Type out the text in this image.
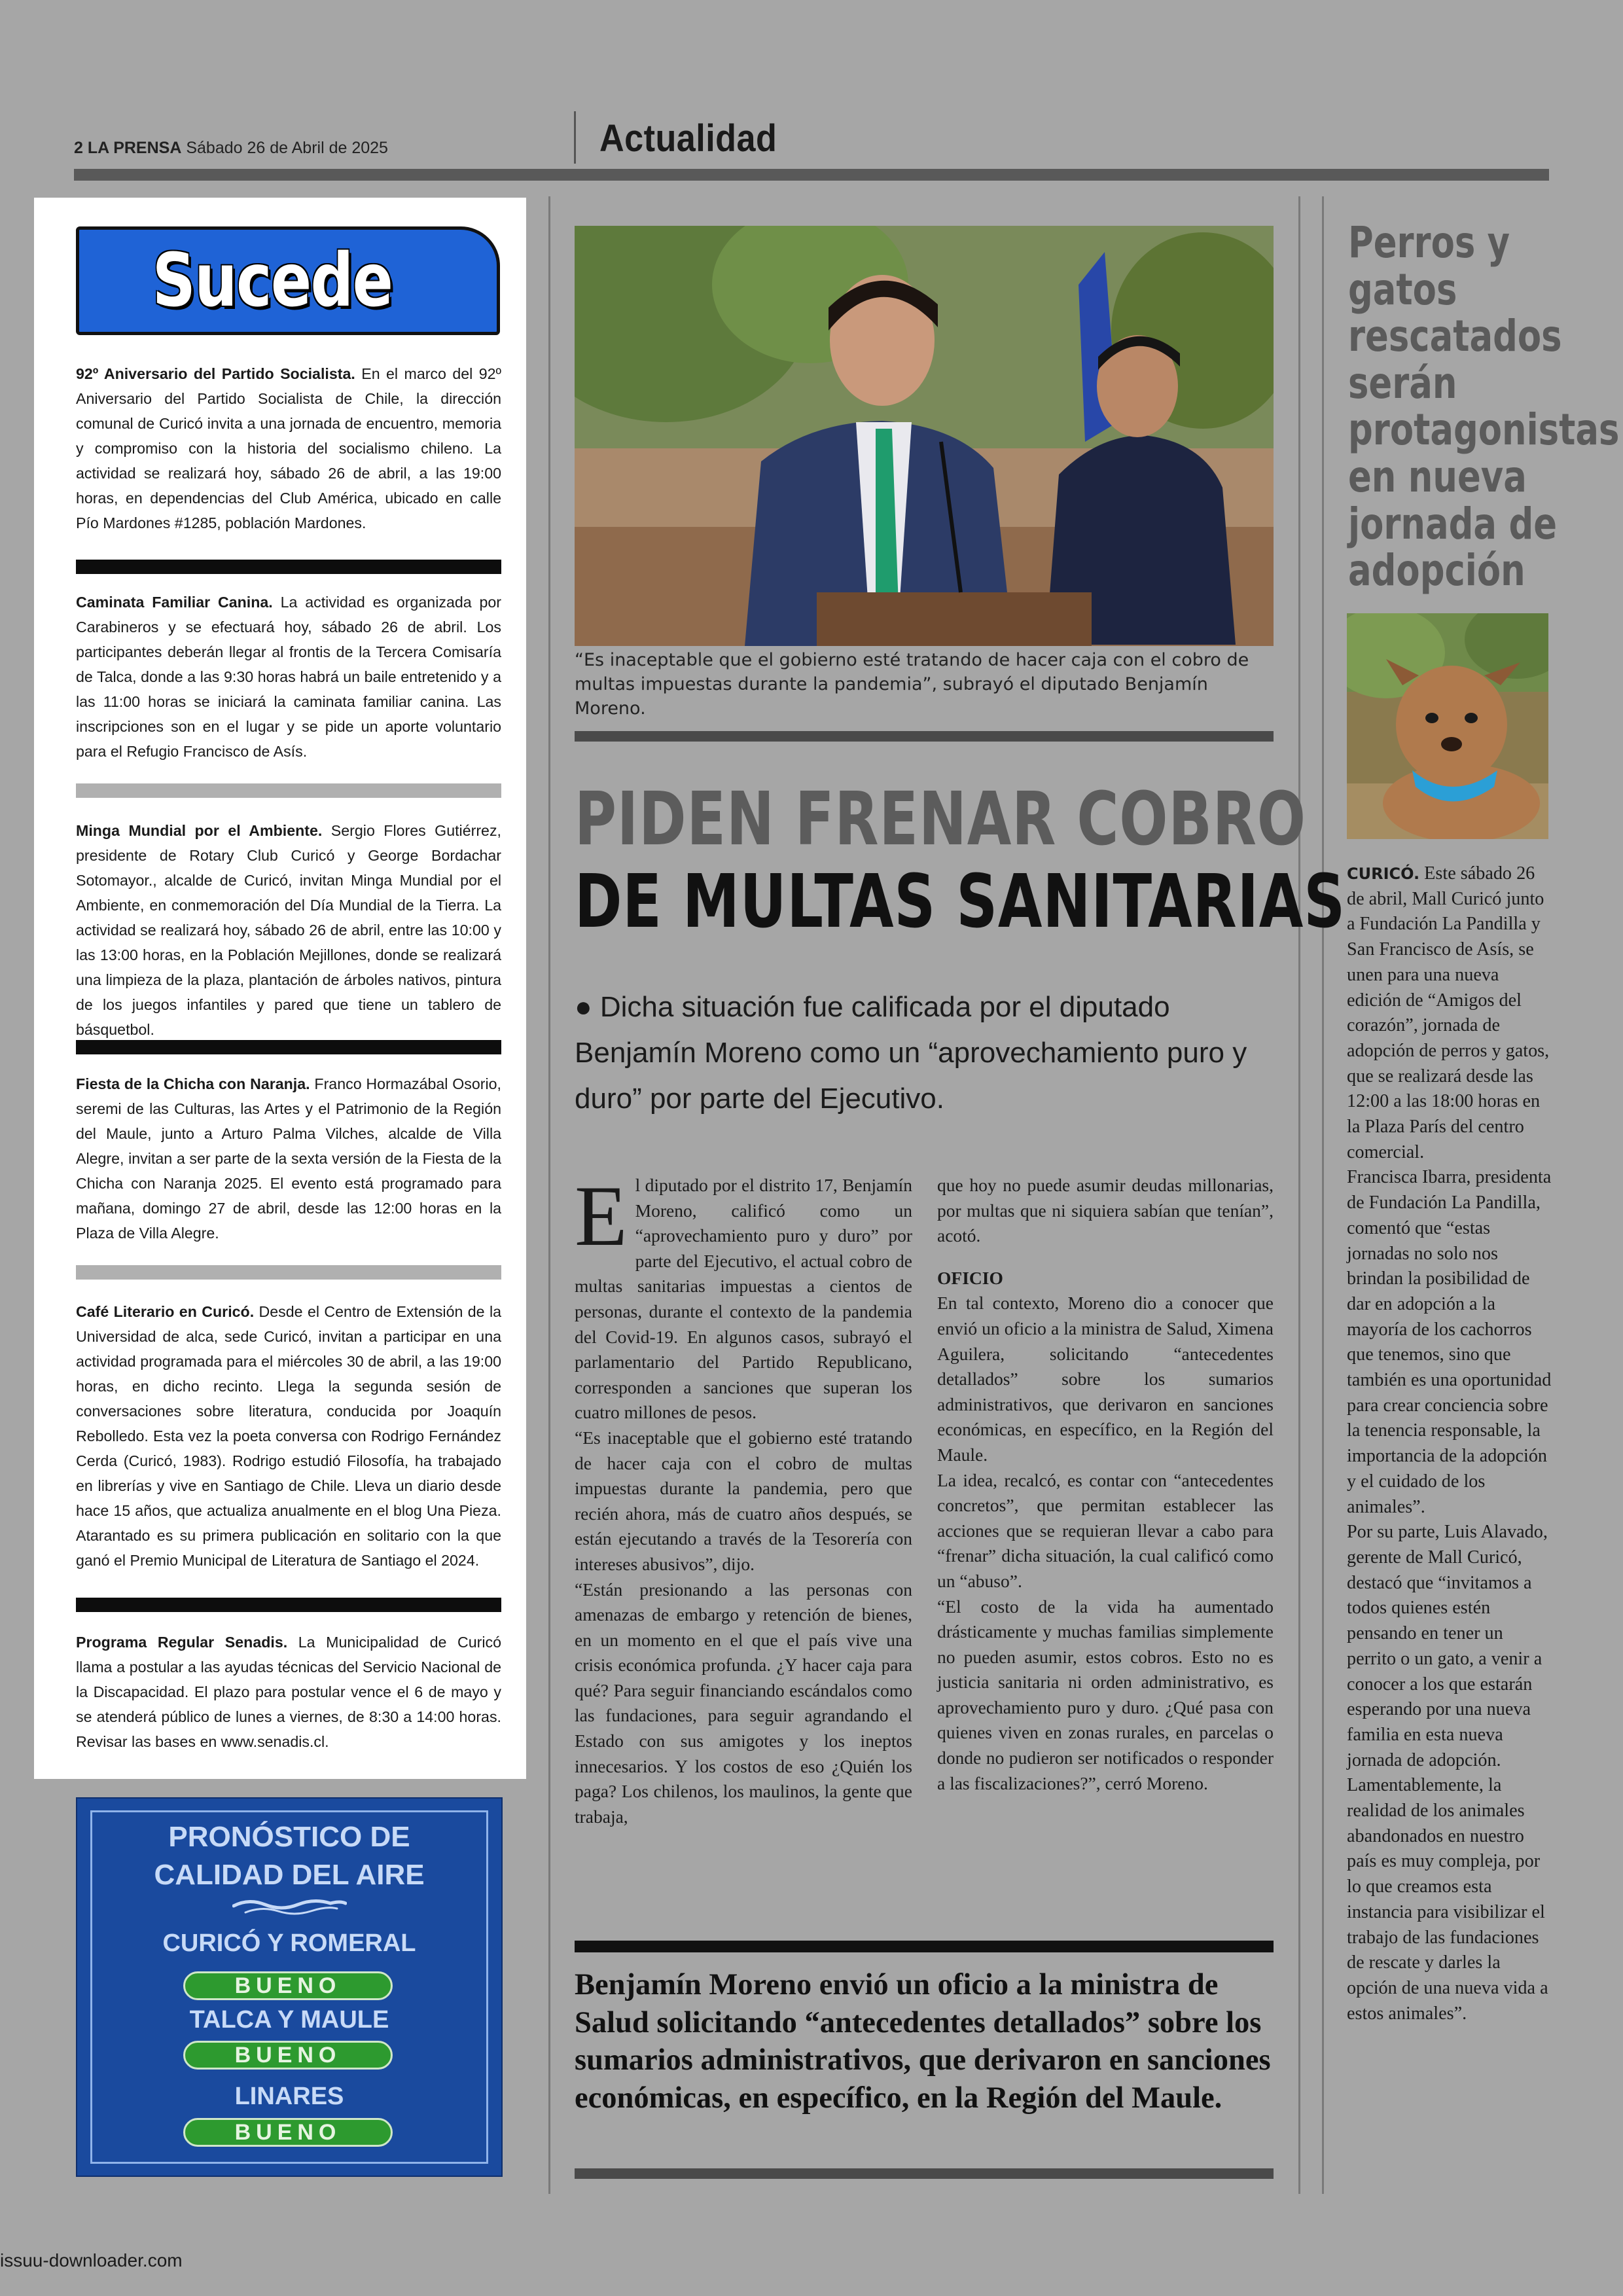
2 LA PRENSA Sábado 26 de Abril de 2025	Actualidad
Sucede
92º Aniversario del Partido Socialista. En el marco del 92º Aniversario del Partido Socialista de Chile, la dirección comunal de Curicó invita a una jornada de encuentro, memoria y compromiso con la historia del socialismo chileno. La actividad se realizará hoy, sábado 26 de abril, a las 19:00 horas, en dependencias del Club América, ubicado en calle Pío Mardones #1285, población Mardones.
Caminata Familiar Canina. La actividad es organizada por Carabineros y se efectuará hoy, sábado 26 de abril. Los participantes deberán llegar al frontis de la Tercera Comisaría de Talca, donde a las 9:30 horas habrá un baile entretenido y a las 11:00 horas se iniciará la caminata familiar canina. Las inscripciones son en el lugar y se pide un aporte voluntario para el Refugio Francisco de Asís.
Minga Mundial por el Ambiente. Sergio Flores Gutiérrez, presidente de Rotary Club Curicó y George Bordachar Sotomayor., alcalde de Curicó, invitan Minga Mundial por el Ambiente, en conmemoración del Día Mundial de la Tierra. La actividad se realizará hoy, sábado 26 de abril, entre las 10:00 y las 13:00 horas, en la Población Mejillones, donde se realizará una limpieza de la plaza, plantación de árboles nativos, pintura de los juegos infantiles y pared que tiene un tablero de básquetbol.
Fiesta de la Chicha con Naranja. Franco Hormazábal Osorio, seremi de las Culturas, las Artes y el Patrimonio de la Región del Maule, junto a Arturo Palma Vilches, alcalde de Villa Alegre, invitan a ser parte de la sexta versión de la Fiesta de la Chicha con Naranja 2025. El evento está programado para mañana, domingo 27 de abril, desde las 12:00 horas en la Plaza de Villa Alegre.
Café Literario en Curicó. Desde el Centro de Extensión de la Universidad de alca, sede Curicó, invitan a participar en una actividad programada para el miércoles 30 de abril, a las 19:00 horas, en dicho recinto. Llega la segunda sesión de conversaciones sobre literatura, conducida por Joaquín Rebolledo. Esta vez la poeta conversa con Rodrigo Fernández Cerda (Curicó, 1983). Rodrigo estudió Filosofía, ha trabajado en librerías y vive en Santiago de Chile. Lleva un diario desde hace 15 años, que actualiza anualmente en el blog Una Pieza. Atarantado es su primera publicación en solitario con la que ganó el Premio Municipal de Literatura de Santiago el 2024.
Programa Regular Senadis. La Municipalidad de Curicó llama a postular a las ayudas técnicas del Servicio Nacional de la Discapacidad. El plazo para postular vence el 6 de mayo y se atenderá público de lunes a viernes, de 8:30 a 14:00 horas. Revisar las bases en www.senadis.cl.
PRONÓSTICO DE
CALIDAD DEL AIRE
CURICÓ Y ROMERAL
BUENO
TALCA Y MAULE
BUENO
LINARES
BUENO
“Es inaceptable que el gobierno esté tratando de hacer caja con el cobro de multas impuestas durante la pandemia”, subrayó el diputado Benjamín Moreno.
PIDEN FRENAR COBRO
DE MULTAS SANITARIAS
● Dicha situación fue calificada por el diputado Benjamín Moreno como un “aprovechamiento puro y duro” por parte del Ejecutivo.

El diputado por el distrito 17, Benjamín Moreno, calificó como un “aprovechamiento puro y duro” por parte del Ejecutivo, el actual cobro de multas sanitarias impuestas a cientos de personas, durante el contexto de la pandemia del Covid-19. En algunos casos, subrayó el parlamentario del Partido Republicano, corresponden a sanciones que superan los cuatro millones de pesos.

“Es inaceptable que el gobierno esté tratando de hacer caja con el cobro de multas impuestas durante la pandemia, pero que recién ahora, más de cuatro años después, se están ejecutando a través de la Tesorería con intereses abusivos”, dijo.

“Están presionando a las personas con amenazas de embargo y retención de bienes, en un momento en el que el país vive una crisis económica profunda. ¿Y hacer caja para qué? Para seguir financiando escándalos como las fundaciones, para seguir agrandando el Estado con sus amigotes y los ineptos innecesarios. Y los costos de eso ¿Quién los paga? Los chilenos, los maulinos, la gente que trabaja,

que hoy no puede asumir deudas millonarias, por multas que ni siquiera sabían que tenían”, acotó.

OFICIO

En tal contexto, Moreno dio a conocer que envió un oficio a la ministra de Salud, Ximena Aguilera, solicitando “antecedentes detallados” sobre los sumarios administrativos, que derivaron en sanciones económicas, en específico, en la Región del Maule.

La idea, recalcó, es contar con “antecedentes concretos”, que permitan establecer las acciones que se requieran llevar a cabo para “frenar” dicha situación, la cual calificó como un “abuso”.

“El costo de la vida ha aumentado drásticamente y muchas familias simplemente no pueden asumir, estos cobros. Esto no es justicia sanitaria ni orden administrativo, es aprovechamiento puro y duro. ¿Qué pasa con quienes viven en zonas rurales, en parcelas o donde no pudieron ser notificados o responder a las fiscalizaciones?”, cerró Moreno.

Benjamín Moreno envió un oficio a la ministra de Salud solicitando “antecedentes detallados” sobre los sumarios administrativos, que derivaron en sanciones económicas, en específico, en la Región del Maule.
Perros y gatos rescatados serán protagonistas en nueva jornada de adopción

CURICÓ. Este sábado 26 de abril, Mall Curicó junto a Fundación La Pandilla y San Francisco de Asís, se unen para una nueva edición de “Amigos del corazón”, jornada de adopción de perros y gatos, que se realizará desde las 12:00 a las 18:00 horas en la Plaza París del centro comercial.

Francisca Ibarra, presidenta de Fundación La Pandilla, comentó que “estas jornadas no solo nos brindan la posibilidad de dar en adopción a la mayoría de los cachorros que tenemos, sino que también es una oportunidad para crear conciencia sobre la tenencia responsable, la importancia de la adopción y el cuidado de los animales”.

Por su parte, Luis Alavado, gerente de Mall Curicó, destacó que “invitamos a todos quienes estén pensando en tener un perrito o un gato, a venir a conocer a los que estarán esperando por una nueva familia en esta nueva jornada de adopción.

Lamentablemente, la realidad de los animales abandonados en nuestro país es muy compleja, por lo que creamos esta instancia para visibilizar el trabajo de las fundaciones de rescate y darles la opción de una nueva vida a estos animales”.

issuu-downloader.com
